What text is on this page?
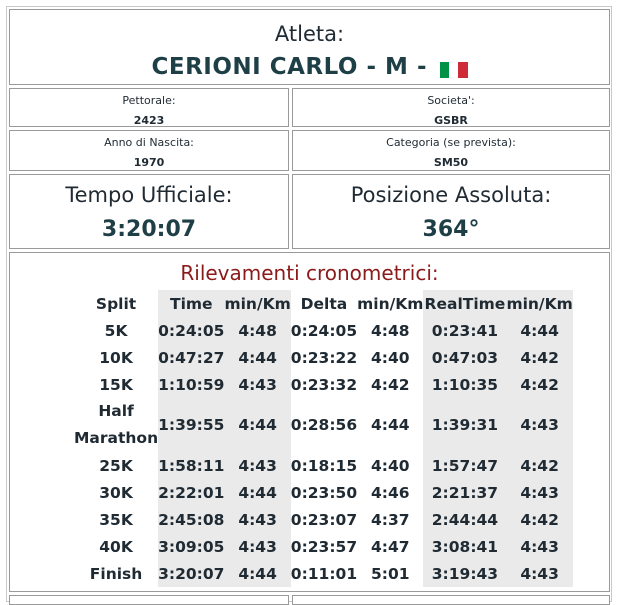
Atleta:
CERIONI CARLO - M -
Pettorale:
2423
Societa':
GSBR
Anno di Nascita:
1970
Categoria (se prevista):
SM50
Tempo Ufficiale:
3:20:07
Posizione Assoluta:
364°
Rilevamenti cronometrici:
Split	Time	min/Km	Delta	min/Km	RealTime	min/Km
5K	0:24:05	4:48	0:24:05	4:48	0:23:41	4:44
10K	0:47:27	4:44	0:23:22	4:40	0:47:03	4:42
15K	1:10:59	4:43	0:23:32	4:42	1:10:35	4:42

Half
Marathon	1:39:55	4:44	0:28:56	4:44	1:39:31	4:43
25K	1:58:11	4:43	0:18:15	4:40	1:57:47	4:42
30K	2:22:01	4:44	0:23:50	4:46	2:21:37	4:43
35K	2:45:08	4:43	0:23:07	4:37	2:44:44	4:42
40K	3:09:05	4:43	0:23:57	4:47	3:08:41	4:43
Finish	3:20:07	4:44	0:11:01	5:01	3:19:43	4:43
